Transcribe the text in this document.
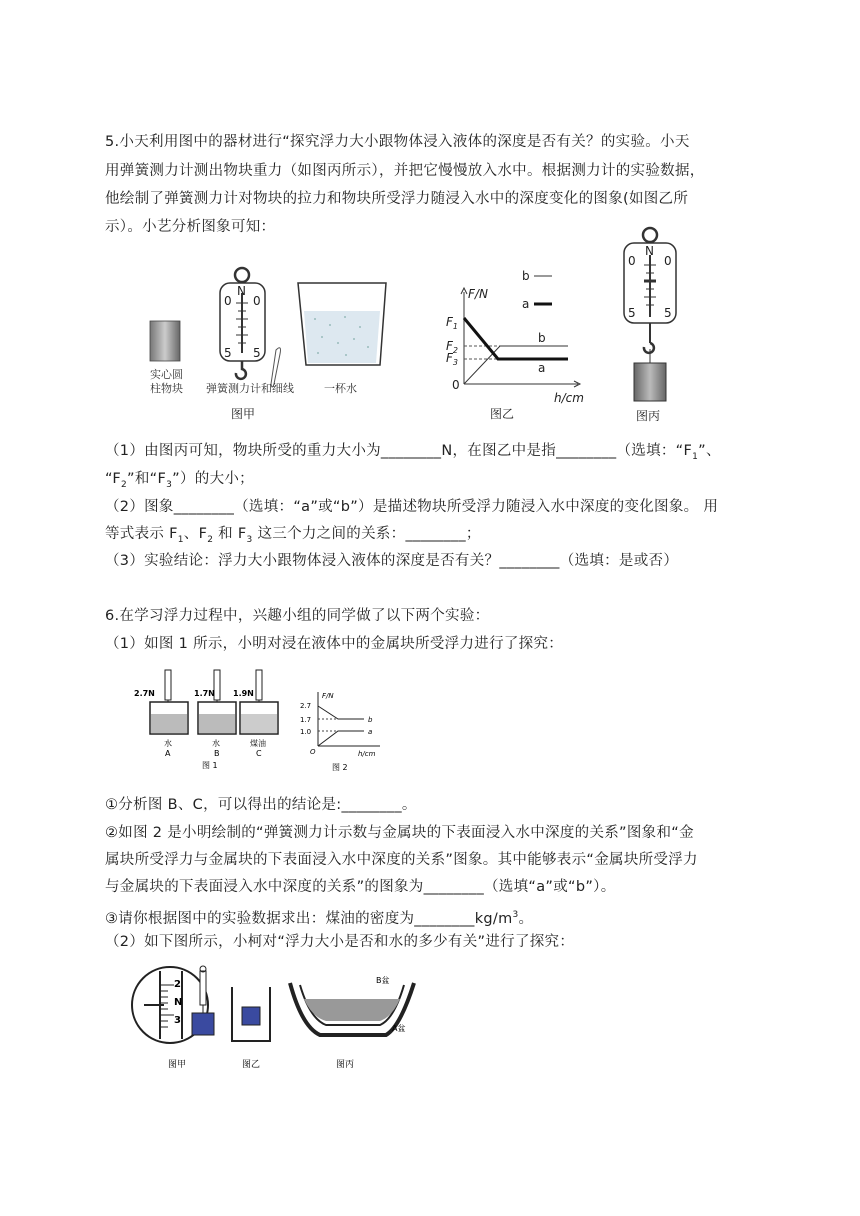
5.小天利用图中的器材进行“探究浮力大小跟物体浸入液体的深度是否有关？的实验。小天
用弹簧测力计测出物块重力（如图丙所示），并把它慢慢放入水中。根据测力计的实验数据，
他绘制了弹簧测力计对物块的拉力和物块所受浮力随浸入水中的深度变化的图象(如图乙所
示）。小艺分析图象可知：
实心圆
柱物块
N
0 0
5 5
弹簧测力计和细线	一杯水
图甲
b
a
F/N
h/cm
0
$F_1$
$F_2$
$F_3$
b
a
图乙
N
0 0
5 5
图丙
（1）由图丙可知，物块所受的重力大小为________N，在图乙中是指________（选填：“$F_1$”、
“$F_2$”和“$F_3$”）的大小；
（2）图象________（选填：“a”或“b”）是描述物块所受浮力随浸入水中深度的变化图象。 用
等式表示 $F_1$、$F_2$ 和 $F_3$ 这三个力之间的关系：________；
（3）实验结论：浮力大小跟物体浸入液体的深度是否有关？________（选填：是或否）
6.在学习浮力过程中，兴趣小组的同学做了以下两个实验：
（1）如图 1 所示，小明对浸在液体中的金属块所受浮力进行了探究：
2.7N	1.7N 1.9N
水	水	煤油
A	B	C
图 1
F/N
h/cm
O
2.7
1.7
1.0
b
a
图 2
①分析图 B、C，可以得出的结论是:________。
②如图 2 是小明绘制的“弹簧测力计示数与金属块的下表面浸入水中深度的关系”图象和“金
属块所受浮力与金属块的下表面浸入水中深度的关系”图象。其中能够表示“金属块所受浮力
与金属块的下表面浸入水中深度的关系”的图象为________（选填“a”或“b”）。
③请你根据图中的实验数据求出：煤油的密度为$\_\_\_\_\_\_\_\_kg/m^3$。
（2）如下图所示，小柯对“浮力大小是否和水的多少有关”进行了探究：
2
N
3
B盆
A盆
图甲	图乙	图丙
